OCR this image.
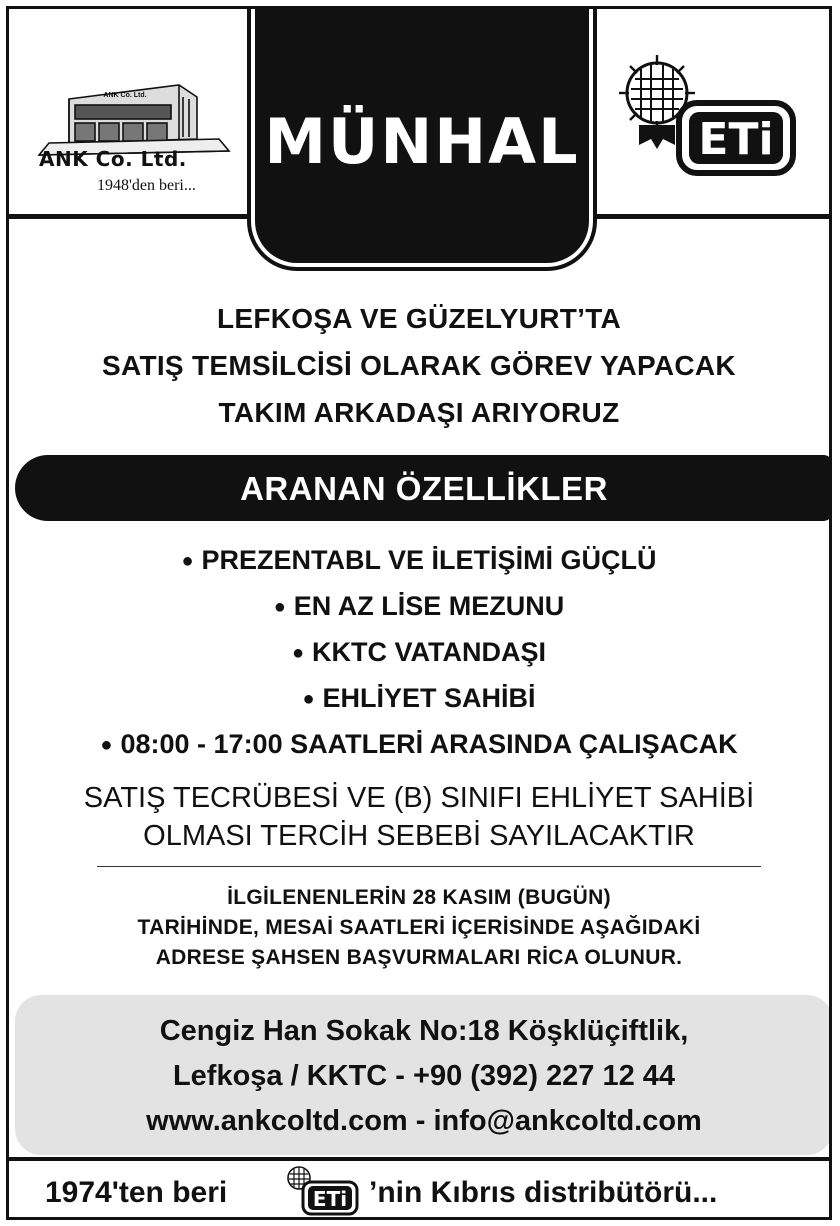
ANK Co. Ltd.
ANK Co. Ltd.
1948'den beri...
MÜNHAL	ETi
LEFKOŞA VE GÜZELYURT’TA
SATIŞ TEMSİLCİSİ OLARAK GÖREV YAPACAK
TAKIM ARKADAŞI ARIYORUZ
ARANAN ÖZELLİKLER
● PREZENTABL VE İLETİŞİMİ GÜÇLÜ
● EN AZ LİSE MEZUNU
● KKTC VATANDAŞI
● EHLİYET SAHİBİ
● 08:00 - 17:00 SAATLERİ ARASINDA ÇALIŞACAK
SATIŞ TECRÜBESİ VE (B) SINIFI EHLİYET SAHİBİ
OLMASI TERCİH SEBEBİ SAYILACAKTIR
İLGİLENENLERİN 28 KASIM (BUGÜN)
TARİHİNDE, MESAİ SAATLERİ İÇERİSİNDE AŞAĞIDAKİ
ADRESE ŞAHSEN BAŞVURMALARI RİCA OLUNUR.
Cengiz Han Sokak No:18 Köşklüçiftlik,
Lefkoşa / KKTC - +90 (392) 227 12 44
www.ankcoltd.com - info@ankcoltd.com
1974'ten beri	ETi ’nin Kıbrıs distribütörü...
